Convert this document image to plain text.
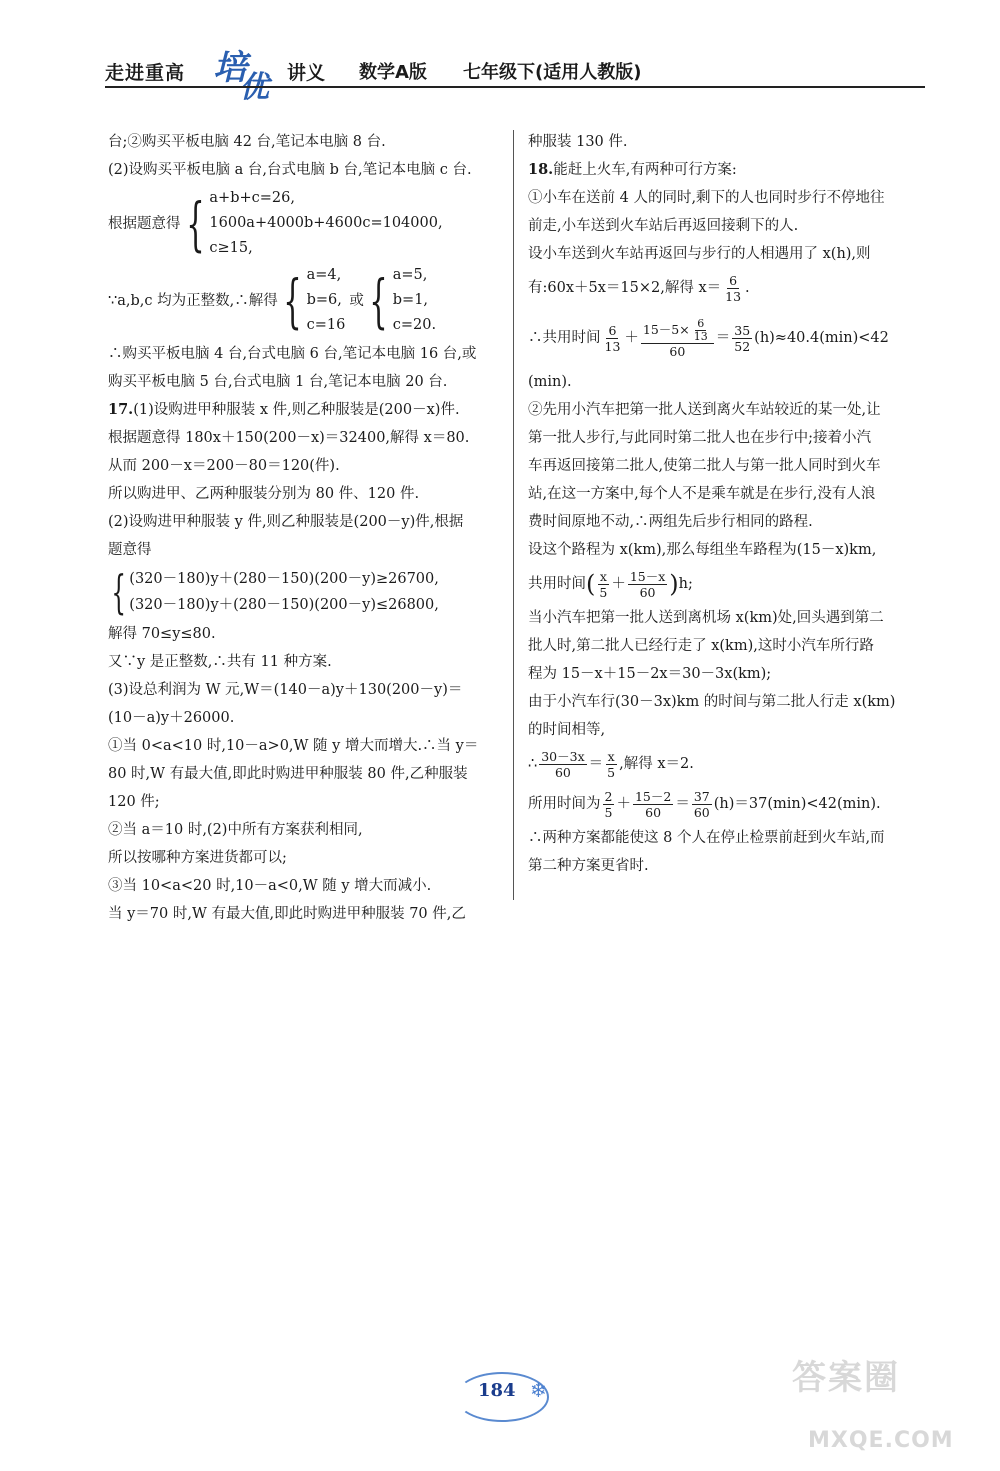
走进重高 培
优 讲义 数学A版 七年级下(适用人教版)
台;②购买平板电脑 42 台,笔记本电脑 8 台.
(2)设购买平板电脑 a 台,台式电脑 b 台,笔记本电脑 c 台.
根据题意得 { a+b+c=26,
1600a+4000b+4600c=104000,
c≥15,
∵a,b,c 均为正整数,∴解得 { a=4,
b=6,
c=16
或 { a=5,
b=1,
c=20.
∴购买平板电脑 4 台,台式电脑 6 台,笔记本电脑 16 台,或
购买平板电脑 5 台,台式电脑 1 台,笔记本电脑 20 台.
17.(1)设购进甲种服装 x 件,则乙种服装是(200－x)件.
根据题意得 180x＋150(200－x)＝32400,解得 x＝80.
从而 200－x＝200－80＝120(件).
所以购进甲、乙两种服装分别为 80 件、120 件.
(2)设购进甲种服装 y 件,则乙种服装是(200－y)件,根据
题意得
{ (320－180)y＋(280－150)(200－y)≥26700,
(320－180)y＋(280－150)(200－y)≤26800,
解得 70≤y≤80.
又∵y 是正整数,∴共有 11 种方案.
(3)设总利润为 W 元,W＝(140－a)y＋130(200－y)＝
(10－a)y＋26000.
①当 0<a<10 时,10－a>0,W 随 y 增大而增大.∴当 y＝
80 时,W 有最大值,即此时购进甲种服装 80 件,乙种服装
120 件;
②当 a＝10 时,(2)中所有方案获利相同,
所以按哪种方案进货都可以;
③当 10<a<20 时,10－a<0,W 随 y 增大而减小.
当 y＝70 时,W 有最大值,即此时购进甲种服装 70 件,乙
种服装 130 件.
18.能赶上火车,有两种可行方案:
①小车在送前 4 人的同时,剩下的人也同时步行不停地往
前走,小车送到火车站后再返回接剩下的人.
设小车送到火车站再返回与步行的人相遇用了 x(h),则
有:60x＋5x＝15×2,解得 $x= \frac{6}{13}$ .
∴共用时间 $\frac{6}{13} + \frac{15-5\times \frac{6}{13}}{60} = \frac{35}{52} (h)\approx 40.4(\min)<42$
(min).
②先用小汽车把第一批人送到离火车站较近的某一处,让
第一批人步行,与此同时第二批人也在步行中;接着小汽
车再返回接第二批人,使第二批人与第一批人同时到火车
站,在这一方案中,每个人不是乘车就是在步行,没有人浪
费时间原地不动,∴两组先后步行相同的路程.
设这个路程为 x(km),那么每组坐车路程为(15－x)km,
共用时间( $\frac{x}{5} + \frac{15-x}{60} )h$;
当小汽车把第一批人送到离机场 x(km)处,回头遇到第二
批人时,第二批人已经行走了 x(km),这时小汽车所行路
程为 15－x＋15－2x＝30－3x(km);
由于小汽车行(30－3x)km 的时间与第二批人行走 x(km)
的时间相等,
∴ $\frac{30-3x}{60} = \frac{x}{5}$ ,解得 x＝2.
所用时间为 $\frac{2}{5} + \frac{15-2}{60} = \frac{37}{60} (h)=37(\min)<42(\min)$.
∴两种方案都能使这 8 个人在停止检票前赶到火车站,而
第二种方案更省时.
184 ❄	答案圈
MXQE.COM
